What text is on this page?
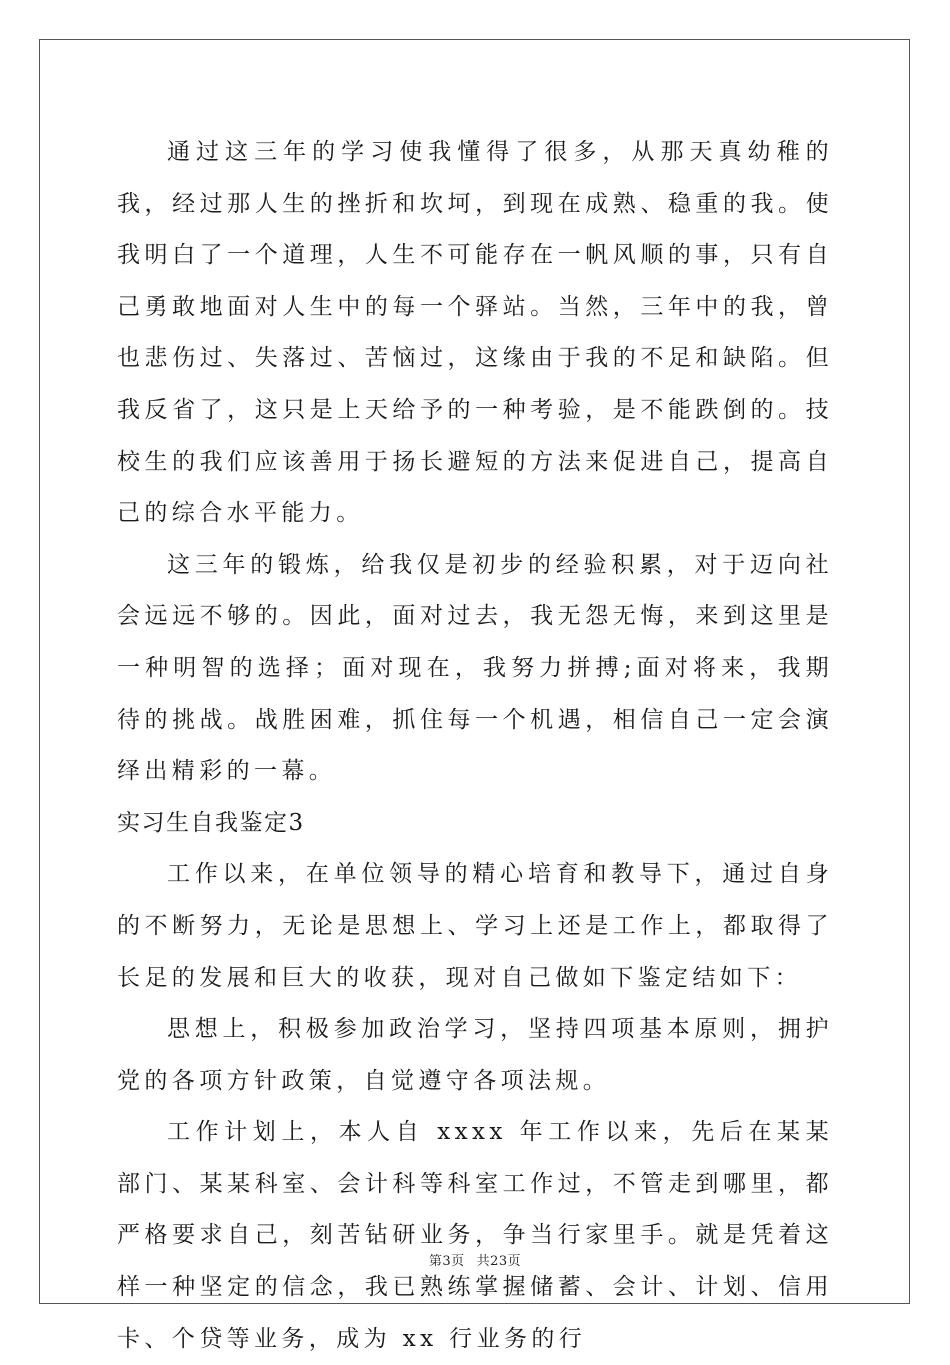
通过这三年的学习使我懂得了很多，从那天真幼稚的我，经过那人生的挫折和坎坷，到现在成熟、稳重的我。使我明白了一个道理，人生不可能存在一帆风顺的事，只有自己勇敢地面对人生中的每一个驿站。当然，三年中的我，曾也悲伤过、失落过、苦恼过，这缘由于我的不足和缺陷。但我反省了，这只是上天给予的一种考验，是不能跌倒的。技校生的我们应该善用于扬长避短的方法来促进自己，提高自己的综合水平能力。

这三年的锻炼，给我仅是初步的经验积累，对于迈向社会远远不够的。因此，面对过去，我无怨无悔，来到这里是一种明智的选择；面对现在，我努力拼搏;面对将来，我期待的挑战。战胜困难，抓住每一个机遇，相信自己一定会演绎出精彩的一幕。

实习生自我鉴定3

工作以来，在单位领导的精心培育和教导下，通过自身的不断努力，无论是思想上、学习上还是工作上，都取得了长足的发展和巨大的收获，现对自己做如下鉴定结如下：

思想上，积极参加政治学习，坚持四项基本原则，拥护党的各项方针政策，自觉遵守各项法规。

工作计划上，本人自 xxxx 年工作以来，先后在某某部门、某某科室、会计科等科室工作过，不管走到哪里，都严格要求自己，刻苦钻研业务，争当行家里手。就是凭着这样一种坚定的信念，我已熟练掌握储蓄、会计、计划、信用卡、个贷等业务，成为 xx 行业务的行

第3页 共23页
